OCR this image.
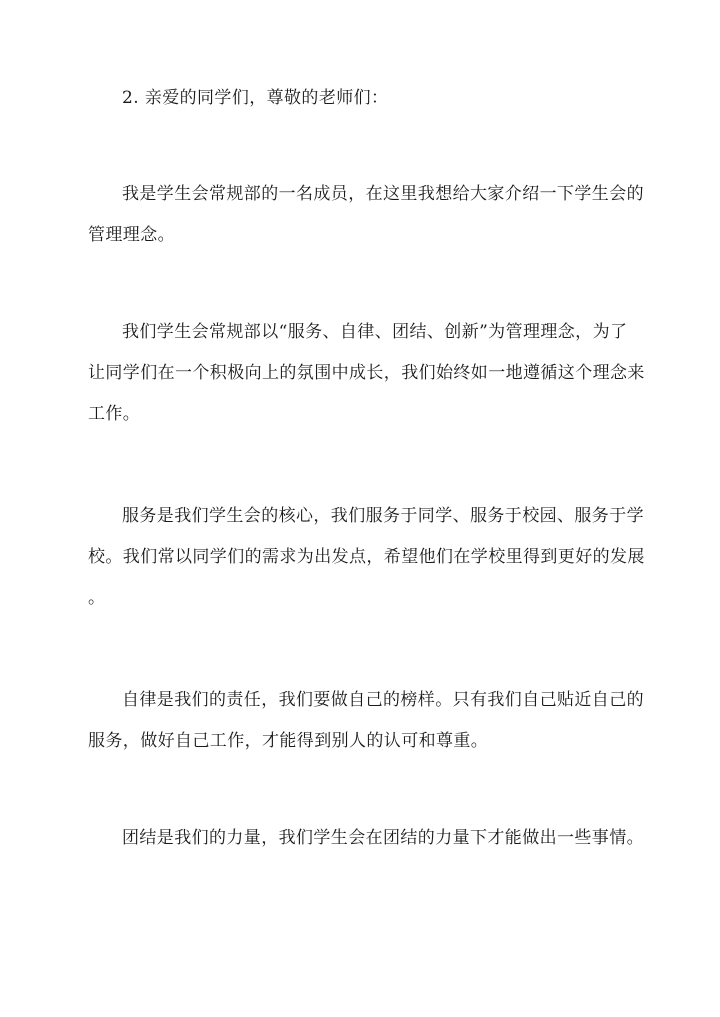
2. 亲爱的同学们，尊敬的老师们：

我是学生会常规部的一名成员，在这里我想给大家介绍一下学生会的
管理理念。

我们学生会常规部以“服务、自律、团结、创新”为管理理念，为了
让同学们在一个积极向上的氛围中成长，我们始终如一地遵循这个理念来
工作。

服务是我们学生会的核心，我们服务于同学、服务于校园、服务于学
校。我们常以同学们的需求为出发点，希望他们在学校里得到更好的发展
。

自律是我们的责任，我们要做自己的榜样。只有我们自己贴近自己的
服务，做好自己工作，才能得到别人的认可和尊重。

团结是我们的力量，我们学生会在团结的力量下才能做出一些事情。
